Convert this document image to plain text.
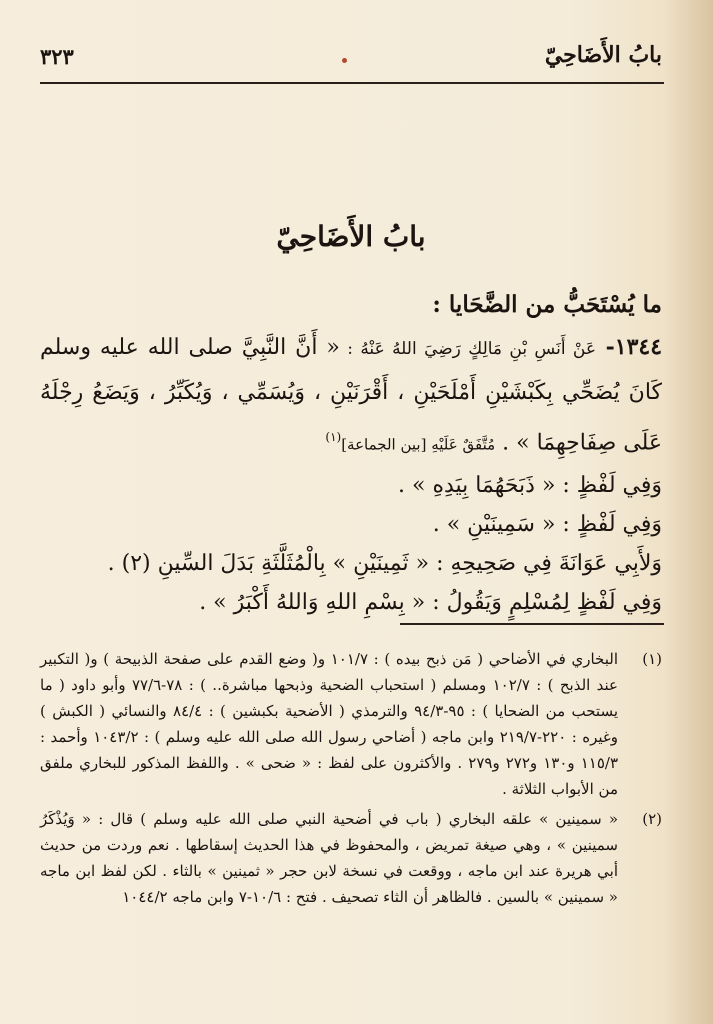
بابُ الأَضَاحِيّ
٣٢٣
بابُ الأَضَاحِيّ

ما يُسْتَحَبُّ من الضَّحَايا :

١٣٤٤- عَنْ أَنَسِ بْنِ مَالِكٍ رَضِيَ اللهُ عَنْهُ : « أَنَّ النَّبِيَّ صلى الله عليه وسلم كَانَ يُضَحِّي بِكَبْشَيْنِ أَمْلَحَيْنِ ، أَقْرَنَيْنِ ، وَيُسَمِّي ، وَيُكَبِّرُ ، وَيَضَعُ رِجْلَهُ عَلَى صِفَاحِهِمَا » . مُتَّفَقٌ عَلَيْهِ [بين الجماعة]$^{(١)}$

وَفِي لَفْظٍ : « ذَبَحَهُمَا بِيَدِهِ » .

وَفِي لَفْظٍ : « سَمِينَيْنِ » .

وَلأَبِي عَوَانَةَ فِي صَحِيحِهِ : « ثَمِينَيْنِ » بِالْمُثَلَّثَةِ بَدَلَ السِّينِ (٢) .

وَفِي لَفْظٍ لِمُسْلِمٍ وَيَقُولُ : « بِسْمِ اللهِ وَاللهُ أَكْبَرُ » .

(١)
البخاري في الأضاحي ( مَن ذبح بيده ) : ١٠١/٧ و( وضع القدم على صفحة الذبيحة ) و( التكبير عند الذبح ) : ١٠٢/٧ ومسلم ( استحباب الضحية وذبحها مباشرة.. ) : ٧٨-٧٧/٦ وأبو داود ( ما يستحب من الضحايا ) : ٩٥-٩٤/٣ والترمذي ( الأضحية بكبشين ) : ٨٤/٤ والنسائي ( الكبش ) وغيره : ٢٢٠-٢١٩/٧ وابن ماجه ( أضاحي رسول الله صلى الله عليه وسلم ) : ١٠٤٣/٢ وأحمد : ١١٥/٣ و١٣٠ و٢٧٢ و٢٧٩ . والأكثرون على لفظ : « ضحى » . واللفظ المذكور للبخاري ملفق من الأبواب الثلاثة .

(٢)
« سمينين » علقه البخاري ( باب في أضحية النبي صلى الله عليه وسلم ) قال : « وَيُذْكَرُ سمينين » ، وهي صيغة تمريض ، والمحفوظ في هذا الحديث إسقاطها . نعم وردت من حديث أبي هريرة عند ابن ماجه ، ووقعت في نسخة لابن حجر « ثمينين » بالثاء . لكن لفظ ابن ماجه « سمينين » بالسين . فالظاهر أن الثاء تصحيف . فتح : ١٠/٦-٧ وابن ماجه ١٠٤٤/٢
